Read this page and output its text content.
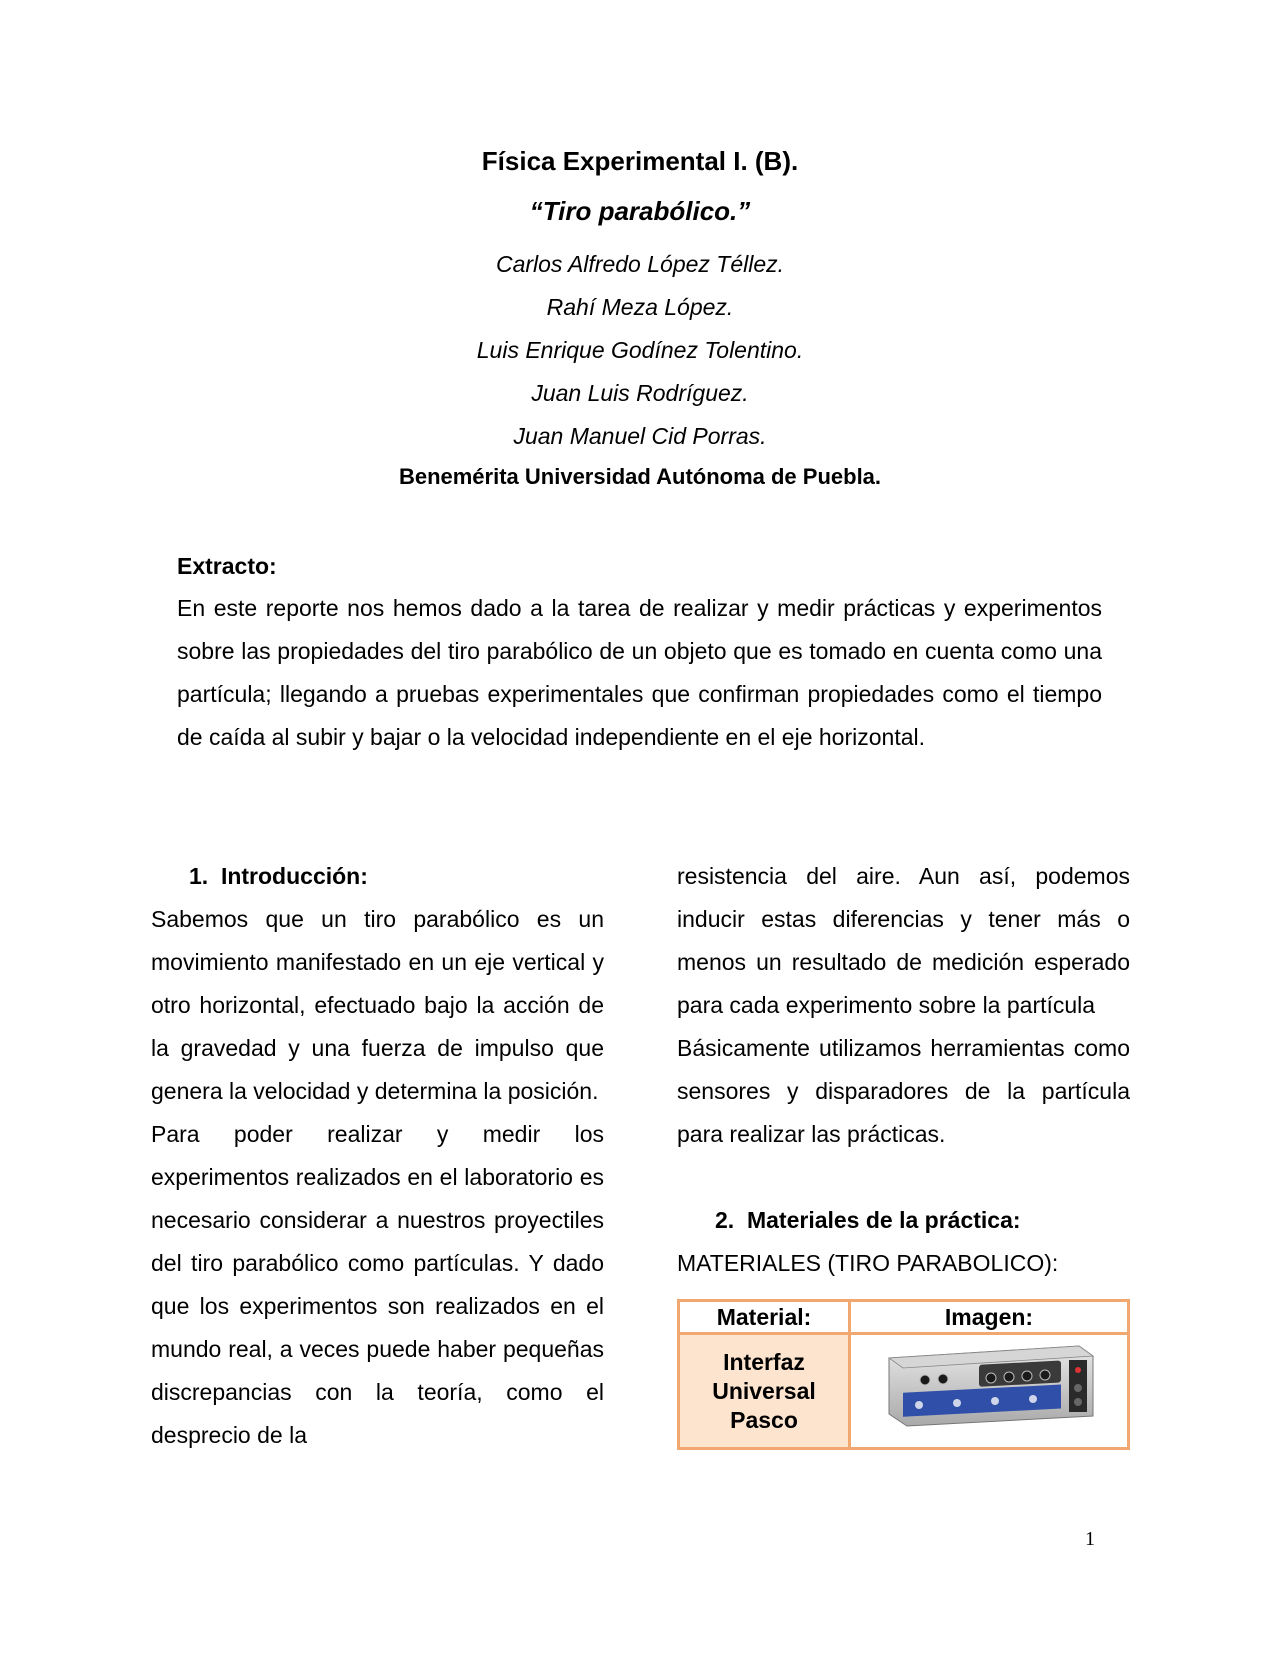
Física Experimental I. (B).
“Tiro parabólico.”
Carlos Alfredo López Téllez.
Rahí Meza López.
Luis Enrique Godínez Tolentino.
Juan Luis Rodríguez.
Juan Manuel Cid Porras.
Benemérita Universidad Autónoma de Puebla.
Extracto:

En este reporte nos hemos dado a la tarea de realizar y medir prácticas y experimentos sobre las propiedades del tiro parabólico de un objeto que es tomado en cuenta como una partícula; llegando a pruebas experimentales que confirman propiedades como el tiempo de caída al subir y bajar o la velocidad independiente en el eje horizontal.

1.  Introducción:

Sabemos que un tiro parabólico es un movimiento manifestado en un eje vertical y otro horizontal, efectuado bajo la acción de la gravedad y una fuerza de impulso que genera la velocidad y determina la posición.

Para poder realizar y medir los experimentos realizados en el laboratorio es necesario considerar a nuestros proyectiles del tiro parabólico como partículas. Y dado que los experimentos son realizados en el mundo real, a veces puede haber pequeñas discrepancias con la teoría, como el desprecio de la

resistencia del aire. Aun así, podemos inducir estas diferencias y tener más o menos un resultado de medición esperado para cada experimento sobre la partícula

Básicamente utilizamos herramientas como sensores y disparadores de la partícula para realizar las prácticas.

2.  Materiales de la práctica:

MATERIALES (TIRO PARABOLICO):

Material:	Imagen:
Interfaz Universal Pasco	
1
